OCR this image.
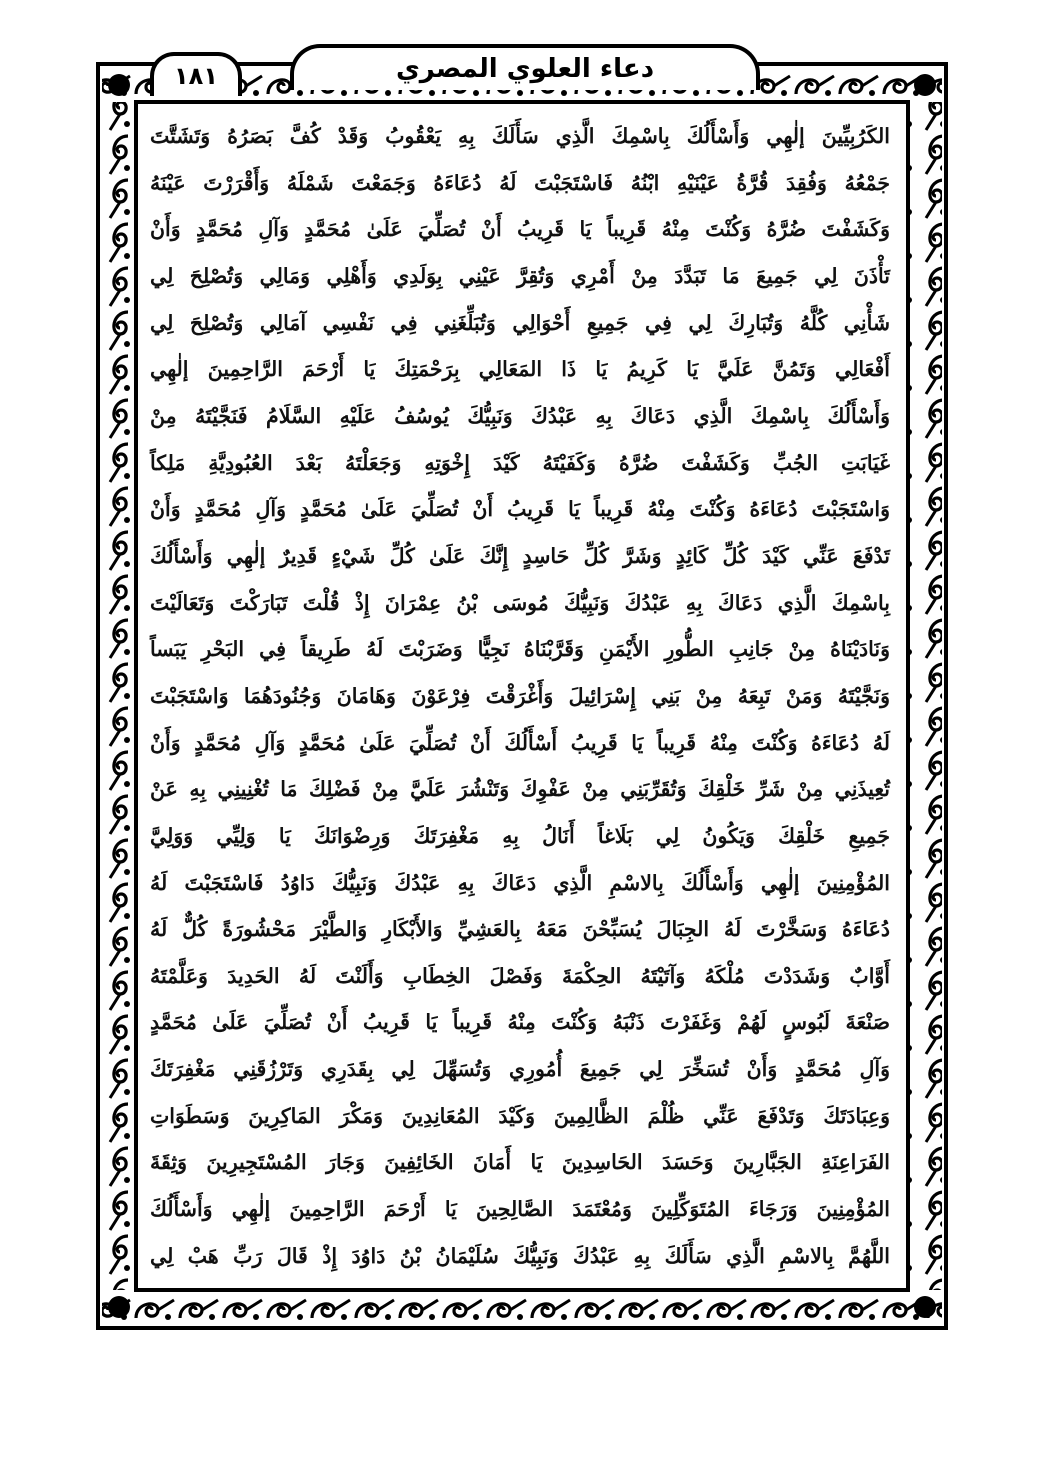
١٨١	دعاء العلوي المصري
الكَرُبِيِّينَ إلٰهِي وَأَسْأَلُكَ بِاسْمِكَ الَّذِي سَأَلَكَ بِهِ يَعْقُوبُ وَقَدْ كُفَّ بَصَرُهُ وَتَشَتَّتَ
جَمْعُهُ وَفُقِدَ قُرَّةُ عَيْنَيْهِ ابْنُهُ فَاسْتَجَبْتَ لَهُ دُعَاءَهُ وَجَمَعْتَ شَمْلَهُ وَأَقْرَرْتَ عَيْنَهُ
وَكَشَفْتَ ضُرَّهُ وَكُنْتَ مِنْهُ قَرِيباً يَا قَرِيبُ أَنْ تُصَلِّيَ عَلَىٰ مُحَمَّدٍ وَآلِ مُحَمَّدٍ وَأَنْ
تَأْذَنَ لِي جَمِيعَ مَا تَبَدَّدَ مِنْ أَمْرِي وَتُقِرَّ عَيْنِي بِوَلَدِي وَأَهْلِي وَمَالِي وَتُصْلِحَ لِي
شَأْنِي كُلَّهُ وَتُبَارِكَ لِي فِي جَمِيعِ أَحْوَالِي وَتُبَلِّغَنِي فِي نَفْسِي آمَالِي وَتُصْلِحَ لِي
أَفْعَالِي وَتَمُنَّ عَلَيَّ يَا كَرِيمُ يَا ذَا المَعَالِي بِرَحْمَتِكَ يَا أَرْحَمَ الرَّاحِمِينَ إلٰهِي
وَأَسْأَلُكَ بِاسْمِكَ الَّذِي دَعَاكَ بِهِ عَبْدُكَ وَنَبِيُّكَ يُوسُفُ عَلَيْهِ السَّلَامُ فَنَجَّيْتَهُ مِنْ
غَيَابَتِ الجُبِّ وَكَشَفْتَ ضُرَّهُ وَكَفَيْتَهُ كَيْدَ إِخْوَتِهِ وَجَعَلْتَهُ بَعْدَ العُبُودِيَّةِ مَلِكاً
وَاسْتَجَبْتَ دُعَاءَهُ وَكُنْتَ مِنْهُ قَرِيباً يَا قَرِيبُ أَنْ تُصَلِّيَ عَلَىٰ مُحَمَّدٍ وَآلِ مُحَمَّدٍ وَأَنْ
تَدْفَعَ عَنِّي كَيْدَ كُلِّ كَائِدٍ وَشَرَّ كُلِّ حَاسِدٍ إِنَّكَ عَلَىٰ كُلِّ شَيْءٍ قَدِيرٌ إلٰهِي وَأَسْأَلُكَ
بِاسْمِكَ الَّذِي دَعَاكَ بِهِ عَبْدُكَ وَنَبِيُّكَ مُوسَى بْنُ عِمْرَانَ إِذْ قُلْتَ تَبَارَكْتَ وَتَعَالَيْتَ
وَنَادَيْنَاهُ مِنْ جَانِبِ الطُّورِ الأَيْمَنِ وَقَرَّبْنَاهُ نَجِيًّا وَضَرَبْتَ لَهُ طَرِيقاً فِي البَحْرِ يَبَساً
وَنَجَّيْتَهُ وَمَنْ تَبِعَهُ مِنْ بَنِي إِسْرَائِيلَ وَأَغْرَقْتَ فِرْعَوْنَ وَهَامَانَ وَجُنُودَهُمَا وَاسْتَجَبْتَ
لَهُ دُعَاءَهُ وَكُنْتَ مِنْهُ قَرِيباً يَا قَرِيبُ أَسْأَلُكَ أَنْ تُصَلِّيَ عَلَىٰ مُحَمَّدٍ وَآلِ مُحَمَّدٍ وَأَنْ
تُعِيذَنِي مِنْ شَرِّ خَلْقِكَ وَتُقَرِّبَنِي مِنْ عَفْوِكَ وَتَنْشُرَ عَلَيَّ مِنْ فَضْلِكَ مَا تُغْنِينِي بِهِ عَنْ
جَمِيعِ خَلْقِكَ وَيَكُونُ لِي بَلَاغاً أَنَالُ بِهِ مَغْفِرَتَكَ وَرِضْوَانَكَ يَا وَلِيِّي وَوَلِيَّ
المُؤْمِنِينَ إلٰهِي وَأَسْأَلُكَ بِالاسْمِ الَّذِي دَعَاكَ بِهِ عَبْدُكَ وَنَبِيُّكَ دَاوُدُ فَاسْتَجَبْتَ لَهُ
دُعَاءَهُ وَسَخَّرْتَ لَهُ الجِبَالَ يُسَبِّحْنَ مَعَهُ بِالعَشِيِّ وَالأَبْكَارِ وَالطَّيْرَ مَحْشُورَةً كُلٌّ لَهُ
أَوَّابٌ وَشَدَدْتَ مُلْكَهُ وَآتَيْتَهُ الحِكْمَةَ وَفَصْلَ الخِطَابِ وَأَلَنْتَ لَهُ الحَدِيدَ وَعَلَّمْتَهُ
صَنْعَةَ لَبُوسٍ لَهُمْ وَغَفَرْتَ ذَنْبَهُ وَكُنْتَ مِنْهُ قَرِيباً يَا قَرِيبُ أَنْ تُصَلِّيَ عَلَىٰ مُحَمَّدٍ
وَآلِ مُحَمَّدٍ وَأَنْ تُسَخِّرَ لِي جَمِيعَ أُمُورِي وَتُسَهِّلَ لِي بِقَدَرِي وَتَرْزُقَنِي مَغْفِرَتَكَ
وَعِبَادَتَكَ وَتَدْفَعَ عَنِّي ظُلْمَ الظَّالِمِينَ وَكَيْدَ المُعَانِدِينَ وَمَكْرَ المَاكِرِينَ وَسَطَوَاتِ
الفَرَاعِنَةِ الجَبَّارِينَ وَحَسَدَ الحَاسِدِينَ يَا أَمَانَ الخَائِفِينَ وَجَارَ المُسْتَجِيرِينَ وَثِقَةَ
المُؤْمِنِينَ وَرَجَاءَ المُتَوَكِّلِينَ وَمُعْتَمَدَ الصَّالِحِينَ يَا أَرْحَمَ الرَّاحِمِينَ إلٰهِي وَأَسْأَلُكَ
اللَّهُمَّ بِالاسْمِ الَّذِي سَأَلَكَ بِهِ عَبْدُكَ وَنَبِيُّكَ سُلَيْمَانُ بْنُ دَاوُدَ إِذْ قَالَ رَبِّ هَبْ لِي
